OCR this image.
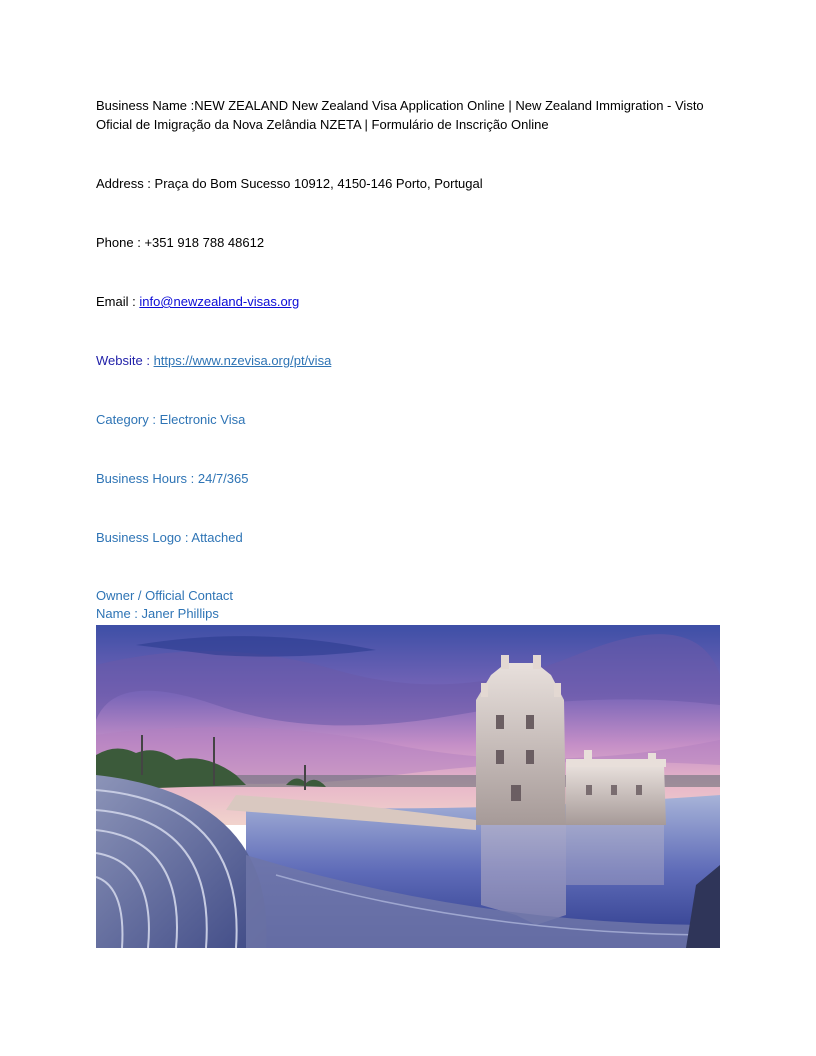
Business Name :NEW ZEALAND New Zealand Visa Application Online | New Zealand Immigration - Visto Oficial de Imigração da Nova Zelândia NZETA | Formulário de Inscrição Online

Address : Praça do Bom Sucesso 10912, 4150-146 Porto, Portugal

Phone : +351 918 788 48612

Email : info@newzealand-visas.org

Website : https://www.nzevisa.org/pt/visa

Category : Electronic Visa

Business Hours : 24/7/365

Business Logo : Attached

Owner / Official Contact

Name : Janer Phillips
